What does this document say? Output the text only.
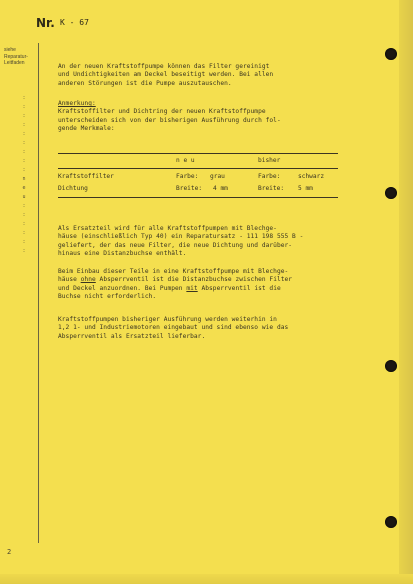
Nr. K - 67
siehe
Reparatur-
Leitfaden
:
:
:
:
:
:
:
:
:
n
e
u
:
:
:
:
:
:
2
An der neuen Kraftstoffpumpe können das Filter gereinigt
und Undichtigkeiten am Deckel beseitigt werden. Bei allen
anderen Störungen ist die Pumpe auszutauschen.
Anmerkung:
Kraftstoffilter und Dichtring der neuen Kraftstoffpumpe
unterscheiden sich von der bisherigen Ausführung durch fol-
gende Merkmale:
n e u	bisher
Kraftstoffilter	Farbe: grau	Farbe:	schwarz
Dichtung	Breite: 4 mm	Breite: 5 mm
Als Ersatzteil wird für alle Kraftstoffpumpen mit Blechge-
häuse (einschließlich Typ 40) ein Reparatursatz - 111 198 555 B -
geliefert, der das neue Filter, die neue Dichtung und darüber-
hinaus eine Distanzbuchse enthält.
Beim Einbau dieser Teile in eine Kraftstoffpumpe mit Blechge-
häuse ohne Absperrventil ist die Distanzbuchse zwischen Filter
und Deckel anzuordnen. Bei Pumpen mit Absperrventil ist die
Buchse nicht erforderlich.
Kraftstoffpumpen bisheriger Ausführung werden weiterhin in
1,2 1- und Industriemotoren eingebaut und sind ebenso wie das
Absperrventil als Ersatzteil lieferbar.
